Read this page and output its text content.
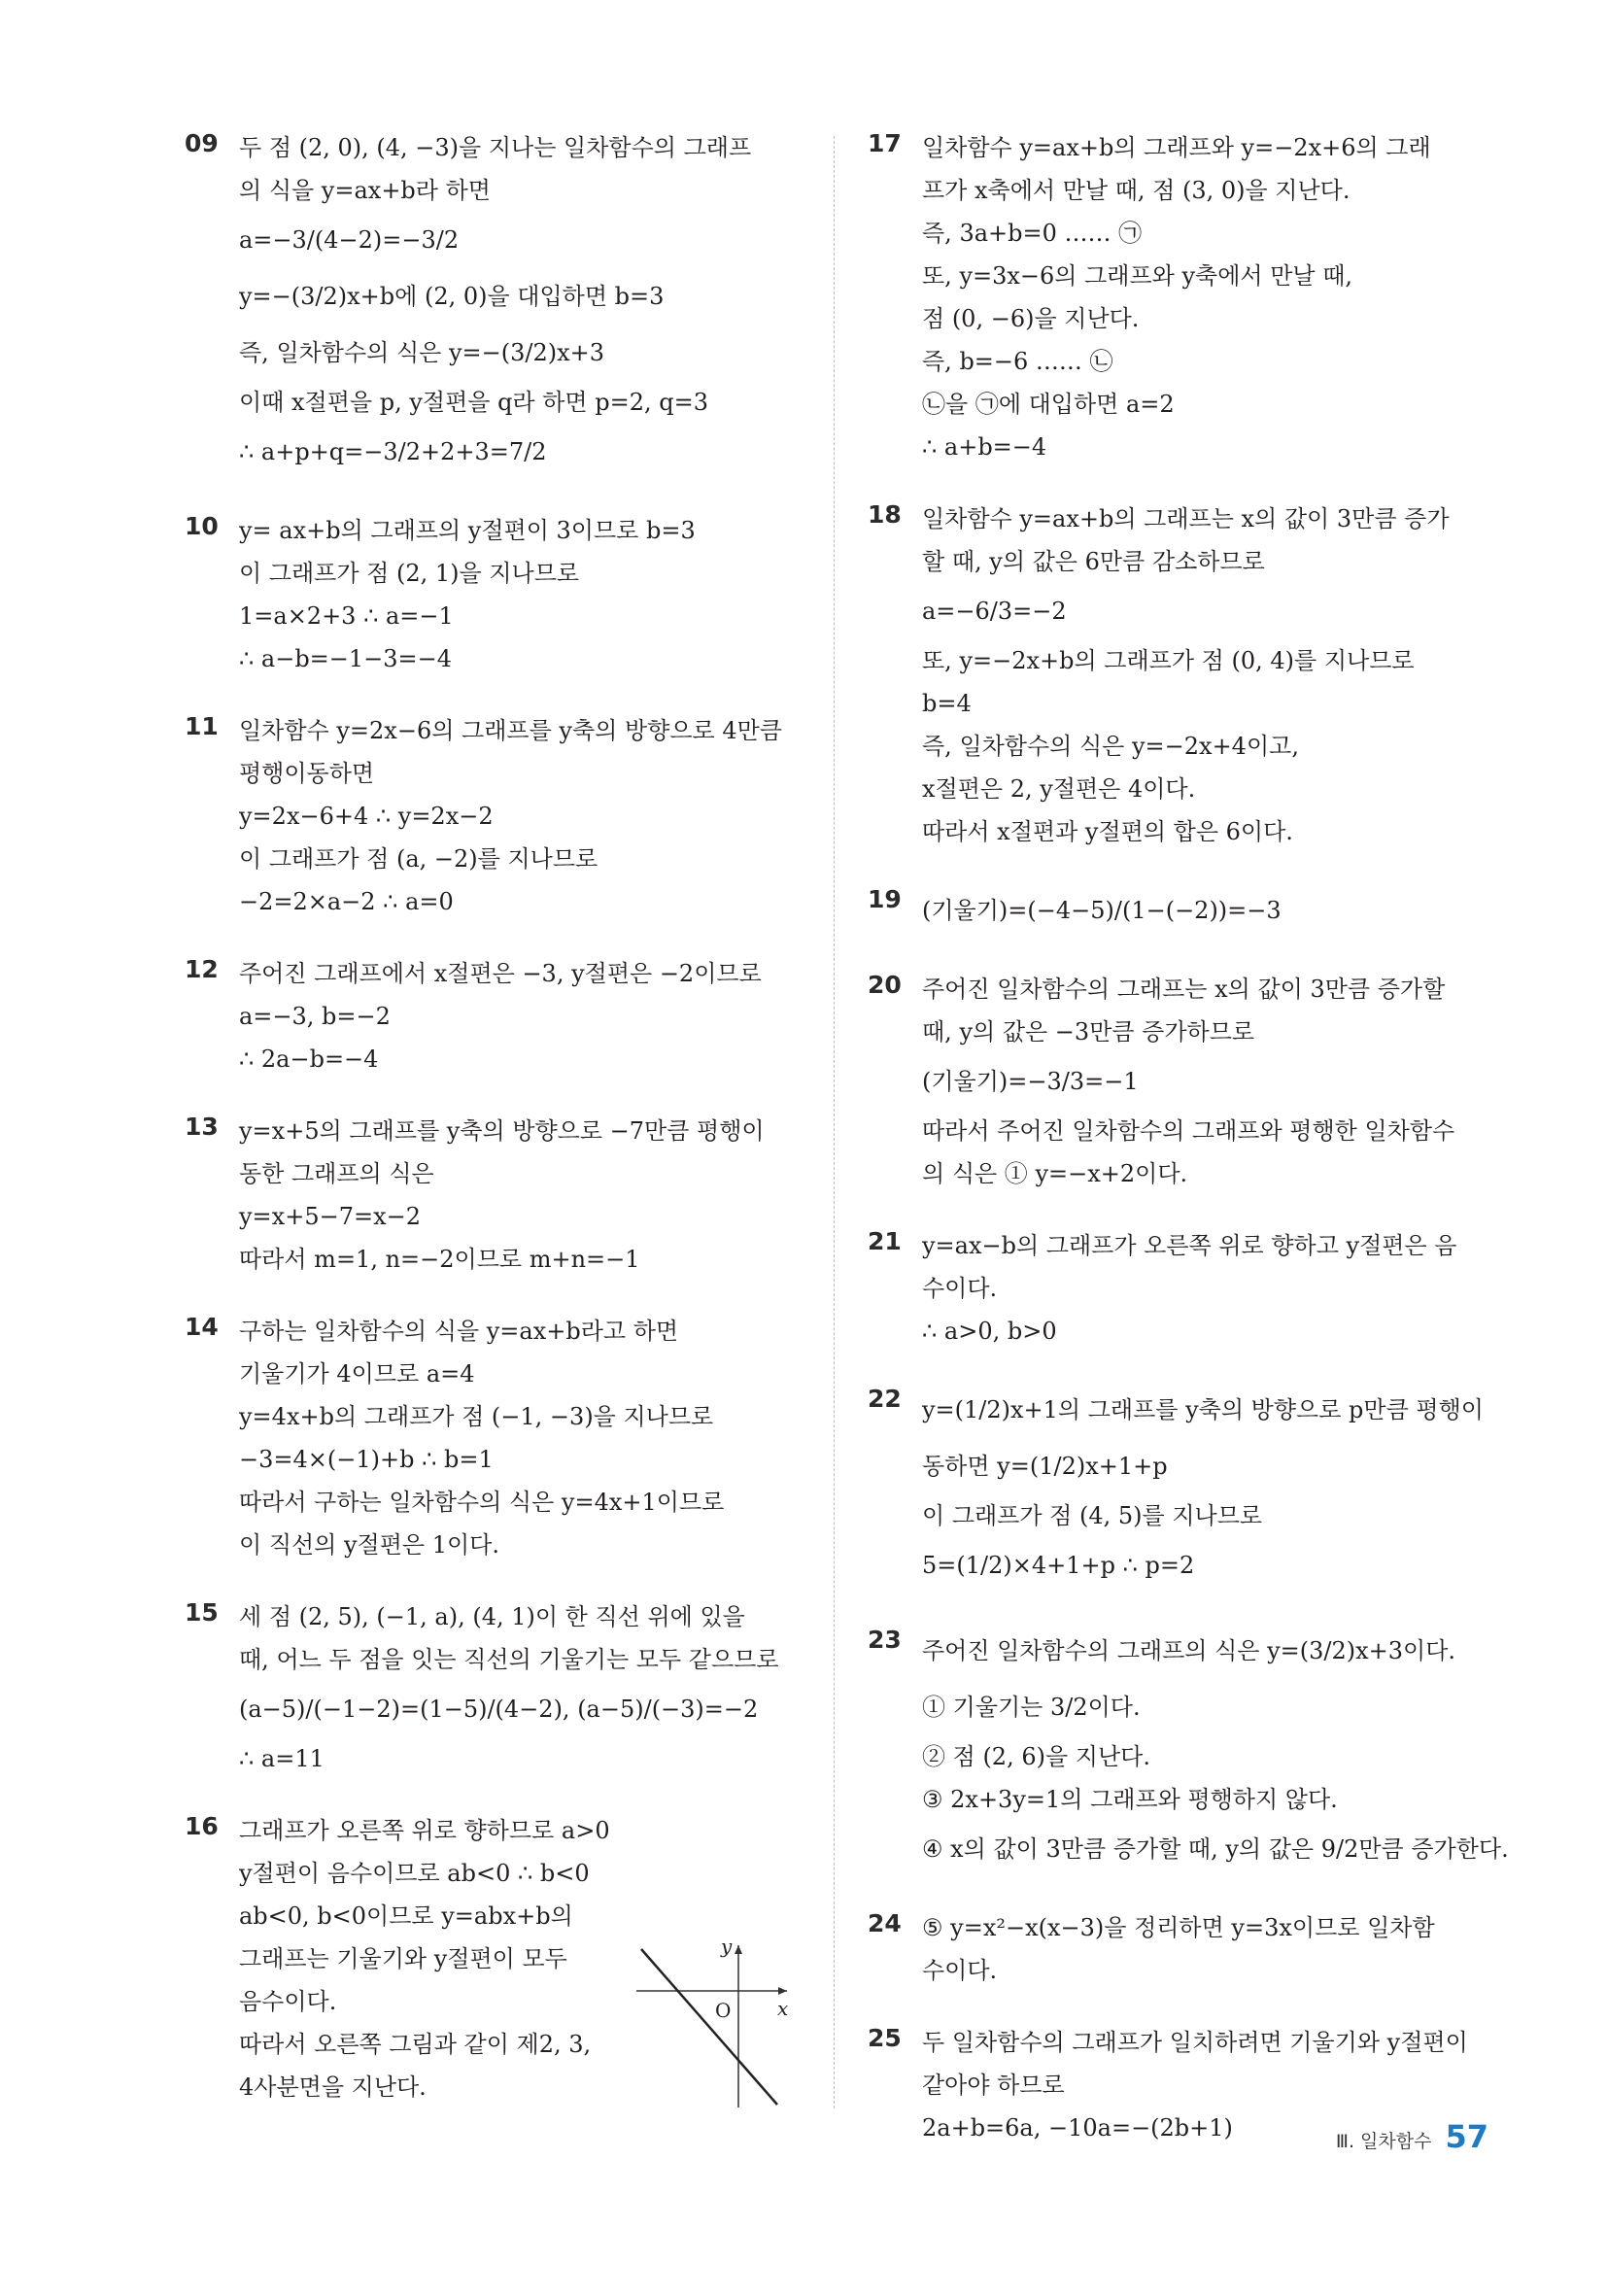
09 두 점 (2, 0), (4, −3)을 지나는 일차함수의 그래프
의 식을 y=ax+b라 하면
a=−3/(4−2)=−3/2
y=−(3/2)x+b에 (2, 0)을 대입하면 b=3
즉, 일차함수의 식은 y=−(3/2)x+3
이때 x절편을 p, y절편을 q라 하면 p=2, q=3
∴ a+p+q=−3/2+2+3=7/2
10 y= ax+b의 그래프의 y절편이 3이므로 b=3
이 그래프가 점 (2, 1)을 지나므로
1=a×2+3 ∴ a=−1
∴ a−b=−1−3=−4
11 일차함수 y=2x−6의 그래프를 y축의 방향으로 4만큼
평행이동하면
y=2x−6+4 ∴ y=2x−2
이 그래프가 점 (a, −2)를 지나므로
−2=2×a−2 ∴ a=0
12 주어진 그래프에서 x절편은 −3, y절편은 −2이므로
a=−3, b=−2
∴ 2a−b=−4
13 y=x+5의 그래프를 y축의 방향으로 −7만큼 평행이
동한 그래프의 식은
y=x+5−7=x−2
따라서 m=1, n=−2이므로 m+n=−1
14 구하는 일차함수의 식을 y=ax+b라고 하면
기울기가 4이므로 a=4
y=4x+b의 그래프가 점 (−1, −3)을 지나므로
−3=4×(−1)+b ∴ b=1
따라서 구하는 일차함수의 식은 y=4x+1이므로
이 직선의 y절편은 1이다.
15 세 점 (2, 5), (−1, a), (4, 1)이 한 직선 위에 있을
때, 어느 두 점을 잇는 직선의 기울기는 모두 같으므로
(a−5)/(−1−2)=(1−5)/(4−2), (a−5)/(−3)=−2
∴ a=11
16 그래프가 오른쪽 위로 향하므로 a>0
y절편이 음수이므로 ab<0 ∴ b<0
ab<0, b<0이므로 y=abx+b의
그래프는 기울기와 y절편이 모두
음수이다.
따라서 오른쪽 그림과 같이 제2, 3,
4사분면을 지난다.
y
x
O
17 일차함수 y=ax+b의 그래프와 y=−2x+6의 그래
프가 x축에서 만날 때, 점 (3, 0)을 지난다.
즉, 3a+b=0 …… ㉠
또, y=3x−6의 그래프와 y축에서 만날 때,
점 (0, −6)을 지난다.
즉, b=−6 …… ㉡
㉡을 ㉠에 대입하면 a=2
∴ a+b=−4
18 일차함수 y=ax+b의 그래프는 x의 값이 3만큼 증가
할 때, y의 값은 6만큼 감소하므로
a=−6/3=−2
또, y=−2x+b의 그래프가 점 (0, 4)를 지나므로
b=4
즉, 일차함수의 식은 y=−2x+4이고,
x절편은 2, y절편은 4이다.
따라서 x절편과 y절편의 합은 6이다.
19 (기울기)=(−4−5)/(1−(−2))=−3
20 주어진 일차함수의 그래프는 x의 값이 3만큼 증가할
때, y의 값은 −3만큼 증가하므로
(기울기)=−3/3=−1
따라서 주어진 일차함수의 그래프와 평행한 일차함수
의 식은 ① y=−x+2이다.
21 y=ax−b의 그래프가 오른쪽 위로 향하고 y절편은 음
수이다.
∴ a>0, b>0
22 y=(1/2)x+1의 그래프를 y축의 방향으로 p만큼 평행이
동하면 y=(1/2)x+1+p
이 그래프가 점 (4, 5)를 지나므로
5=(1/2)×4+1+p ∴ p=2
23 주어진 일차함수의 그래프의 식은 y=(3/2)x+3이다.
① 기울기는 3/2이다.
② 점 (2, 6)을 지난다.
③ 2x+3y=1의 그래프와 평행하지 않다.
④ x의 값이 3만큼 증가할 때, y의 값은 9/2만큼 증가한다.
24 ⑤ y=x²−x(x−3)을 정리하면 y=3x이므로 일차함
수이다.
25 두 일차함수의 그래프가 일치하려면 기울기와 y절편이
같아야 하므로
2a+b=6a, −10a=−(2b+1)	Ⅲ. 일차함수 57
